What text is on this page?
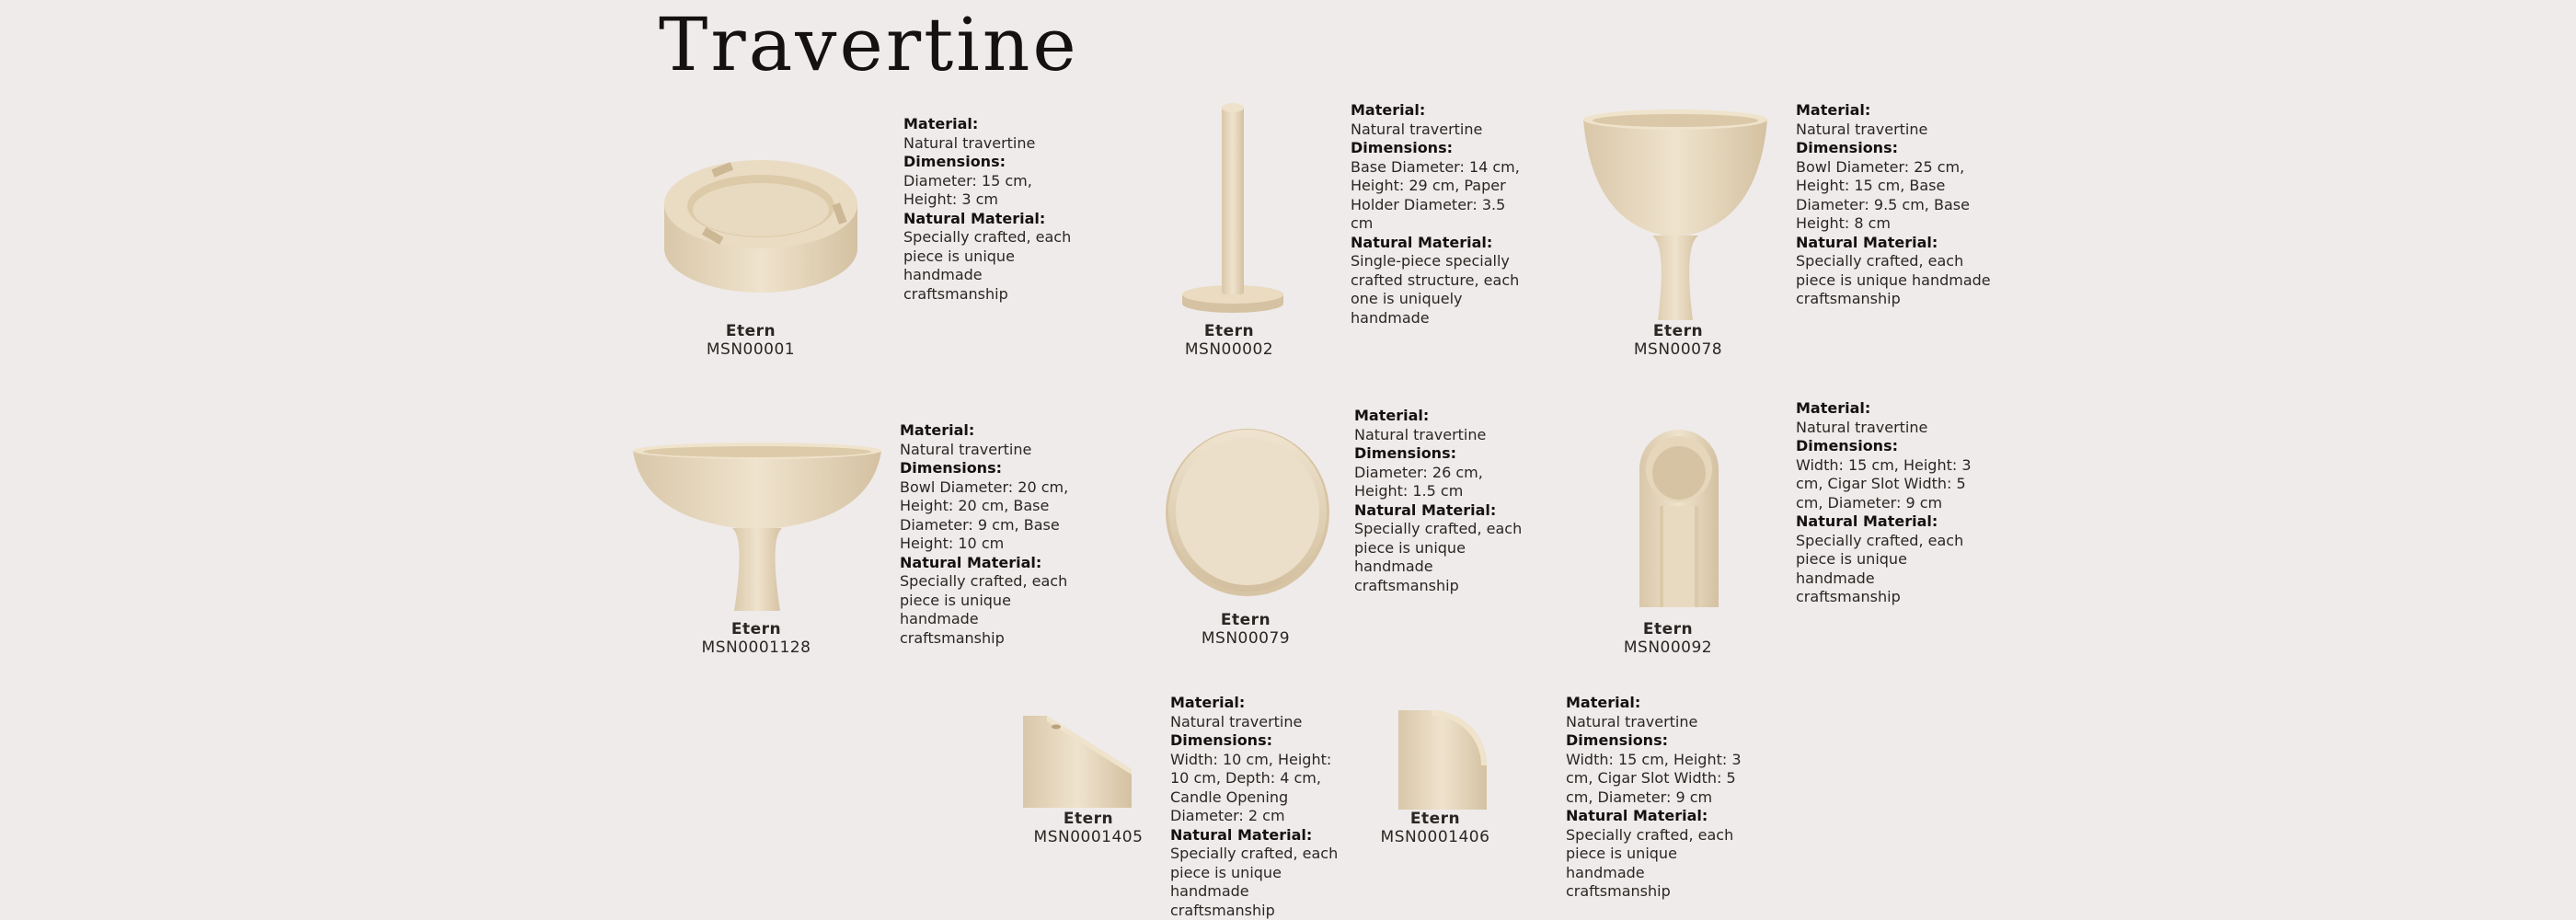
Travertine
Etern
MSN00001
Material:
Natural travertine
Dimensions:
Diameter: 15 cm, Height: 3 cm
Natural Material:
Specially crafted, each piece is unique handmade craftsmanship
Etern
MSN00002
Material:
Natural travertine
Dimensions:
Base Diameter: 14 cm, Height: 29 cm, Paper Holder Diameter: 3.5 cm
Natural Material:
Single-piece specially crafted structure, each one is uniquely handmade
Etern
MSN00078
Material:
Natural travertine
Dimensions:
Bowl Diameter: 25 cm, Height: 15 cm, Base Diameter: 9.5 cm, Base Height: 8 cm
Natural Material:
Specially crafted, each piece is unique handmade craftsmanship
Etern
MSN0001128
Material:
Natural travertine
Dimensions:
Bowl Diameter: 20 cm, Height: 20 cm, Base Diameter: 9 cm, Base Height: 10 cm
Natural Material:
Specially crafted, each piece is unique handmade craftsmanship
Etern
MSN00079
Material:
Natural travertine
Dimensions:
Diameter: 26 cm, Height: 1.5 cm
Natural Material:
Specially crafted, each piece is unique handmade craftsmanship
Etern
MSN00092
Material:
Natural travertine
Dimensions:
Width: 15 cm, Height: 3 cm, Cigar Slot Width: 5 cm, Diameter: 9 cm
Natural Material:
Specially crafted, each piece is unique handmade craftsmanship
Etern
MSN0001405
Material:
Natural travertine
Dimensions:
Width: 10 cm, Height: 10 cm, Depth: 4 cm, Candle Opening Diameter: 2 cm
Natural Material:
Specially crafted, each piece is unique handmade craftsmanship
Etern
MSN0001406
Material:
Natural travertine
Dimensions:
Width: 15 cm, Height: 3 cm, Cigar Slot Width: 5 cm, Diameter: 9 cm
Natural Material:
Specially crafted, each piece is unique handmade craftsmanship
